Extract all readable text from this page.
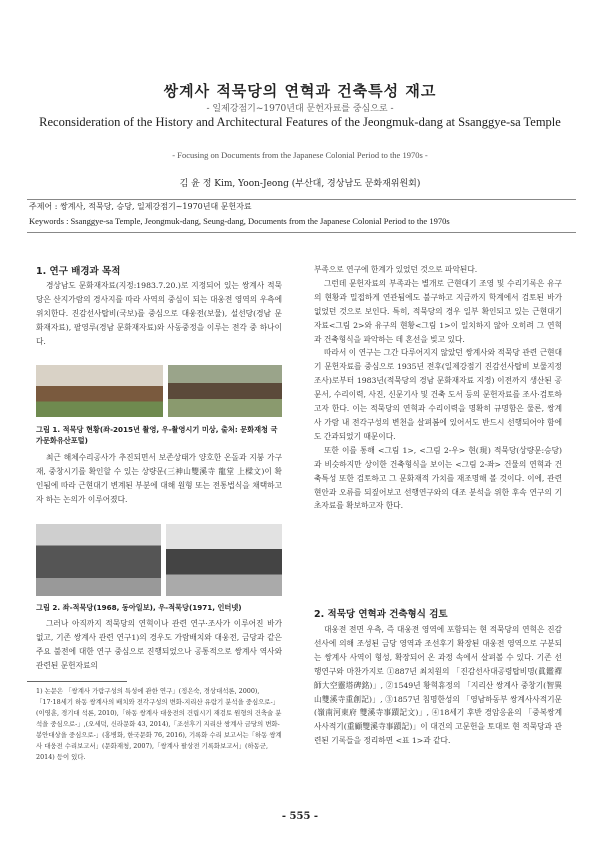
쌍계사 적묵당의 연혁과 건축특성 재고
- 일제강점기~1970년대 문헌자료를 중심으로 -
Reconsideration of the History and Architectural Features of the Jeongmuk-dang at Ssanggye-sa Temple
- Focusing on Documents from the Japanese Colonial Period to the 1970s -
김 윤 정 Kim, Yoon-Jeong (부산대, 경상남도 문화재위원회)
주제어 : 쌍계사, 적묵당, 승당, 일제강점기~1970년대 문헌자료
Keywords : Ssanggye-sa Temple, Jeongmuk-dang, Seung-dang, Documents from the Japanese Colonial Period to the 1970s
1. 연구 배경과 목적

경상남도 문화재자료(지정:1983.7.20.)로 지정되어 있는 쌍계사 적묵당은 산지가람의 경사지를 따라 사역의 중심이 되는 대웅전 영역의 우측에 위치한다. 진감선사탑비(국보)를 중심으로 대웅전(보물), 설선당(경남 문화재자료), 팔영루(경남 문화재자료)와 사동중정을 이루는 전각 중 하나이다.

그림 1. 적묵당 현황(좌-2015년 촬영, 우-촬영시기 미상, 출처: 문화재청 국가문화유산포털)

최근 해체수리공사가 추진되면서 보존상태가 양호한 온돌과 지붕 가구재, 중창시기를 확인할 수 있는 상량문(三神山雙溪寺 龍堂 上樑文)이 확인됨에 따라 근현대기 변계된 부분에 대해 원형 또는 전통법식을 채택하고자 하는 논의가 이루어졌다.

그림 2. 좌-적묵당(1968, 동아일보), 우-적묵당(1971, 인터넷)

그러나 아직까지 적묵당의 연혁이나 관련 연구·조사가 이루어진 바가 없고, 기존 쌍계사 관련 연구1)의 경우도 가람배치와 대웅전, 금당과 같은 주요 불전에 대한 연구 중심으로 진행되었으나 공통적으로 쌍계사 역사와 관련된 문헌자료의

1) 논문은 「쌍계사 가람구성의 특성에 관한 연구」(정은숙, 경상대석론, 2000),「17·18세기 하동 쌍계사의 배치와 전각구성의 변화-지리산 유람기 분석을 중심으로-」(이영훈, 경기대 석론, 2010),「하동 쌍계사 대웅전의 건립시기 재검토 원형의 건축술 분석을 중심으로-」,(오세덕, 신라문화 43, 2014),「조선후기 지리산 쌍계사 금당의 변화-봉안대상을 중심으로-」(홍병화, 한국문화 76, 2016), 기록화 수리 보고서는「하동 쌍계사 대웅전 수리보고서」(문화재청, 2007),「쌍계사 팔상전 기록화보고서」(하동군, 2014) 등이 있다.

부족으로 연구에 한계가 있었던 것으로 파악된다.

그런데 문헌자료의 부족과는 별개로 근현대기 조영 및 수리기록은 유구의 현황과 밀접하게 연관됨에도 불구하고 지금까지 학계에서 검토된 바가 없었던 것으로 보인다. 특히, 적묵당의 경우 일부 확인되고 있는 근현대기 자료<그림 2>와 유구의 현황<그림 1>이 일치하지 않아 오히려 그 연혁과 건축형식을 파악하는 데 혼선을 빚고 있다.

따라서 이 연구는 그간 다루어지지 않았던 쌍계사와 적묵당 관련 근현대기 문헌자료를 중심으로 1935년 전후(일제강점기 진감선사탑비 보물지정 조사)로부터 1983년(적묵당의 경남 문화재자료 지정) 이전까지 생산된 공문서, 수리이력, 사진, 신문기사 및 건축 도서 등의 문헌자료를 조사·검토하고자 한다. 이는 적묵당의 연혁과 수리이력을 명확히 규명함은 물론, 쌍계사 가람 내 전각구성의 변천을 살펴봄에 있어서도 반드시 선행되어야 함에도 간과되었기 때문이다.

또한 이를 통해 <그림 1>, <그림 2-우> 현(現) 적묵당(상량문:승당)과 비슷하지만 상이한 건축형식을 보이는 <그림 2-좌> 건물의 연혁과 건축특성 또한 검토하고 그 문화재적 가치를 재조명해 볼 것이다. 이에, 관련 현안과 오류를 되짚어보고 선행연구와의 대조 분석을 위한 후속 연구의 기초자료를 확보하고자 한다.

2. 적묵당 연혁과 건축형식 검토

대웅전 전면 우측, 즉 대웅전 영역에 포함되는 현 적묵당의 연혁은 진감선사에 의해 조성된 금당 영역과 조선후기 확장된 대웅전 영역으로 구분되는 쌍계사 사역이 형성, 확장되어 온 과정 속에서 살펴볼 수 있다. 기존 선행연구와 마찬가지로 ①887년 최치원의 「진감선사대공령탑비명(眞鑑禪師大空靈塔碑銘)」, ②1549년 황혁휴정의 「지리산 쌍계사 중창기(智異山雙溪寺重創記)」, ③1857년 침명한성의 「영남하동부 쌍계사사적기문(嶺南河東府 雙溪寺事蹟記文)」, ④18세기 후반 경암응윤의 「중복쌍계사사적기(重顧雙溪寺事蹟記)」이 대건의 고문헌을 토대로 현 적묵당과 관련된 기록들을 정리하면 <표 1>과 같다.

- 555 -
